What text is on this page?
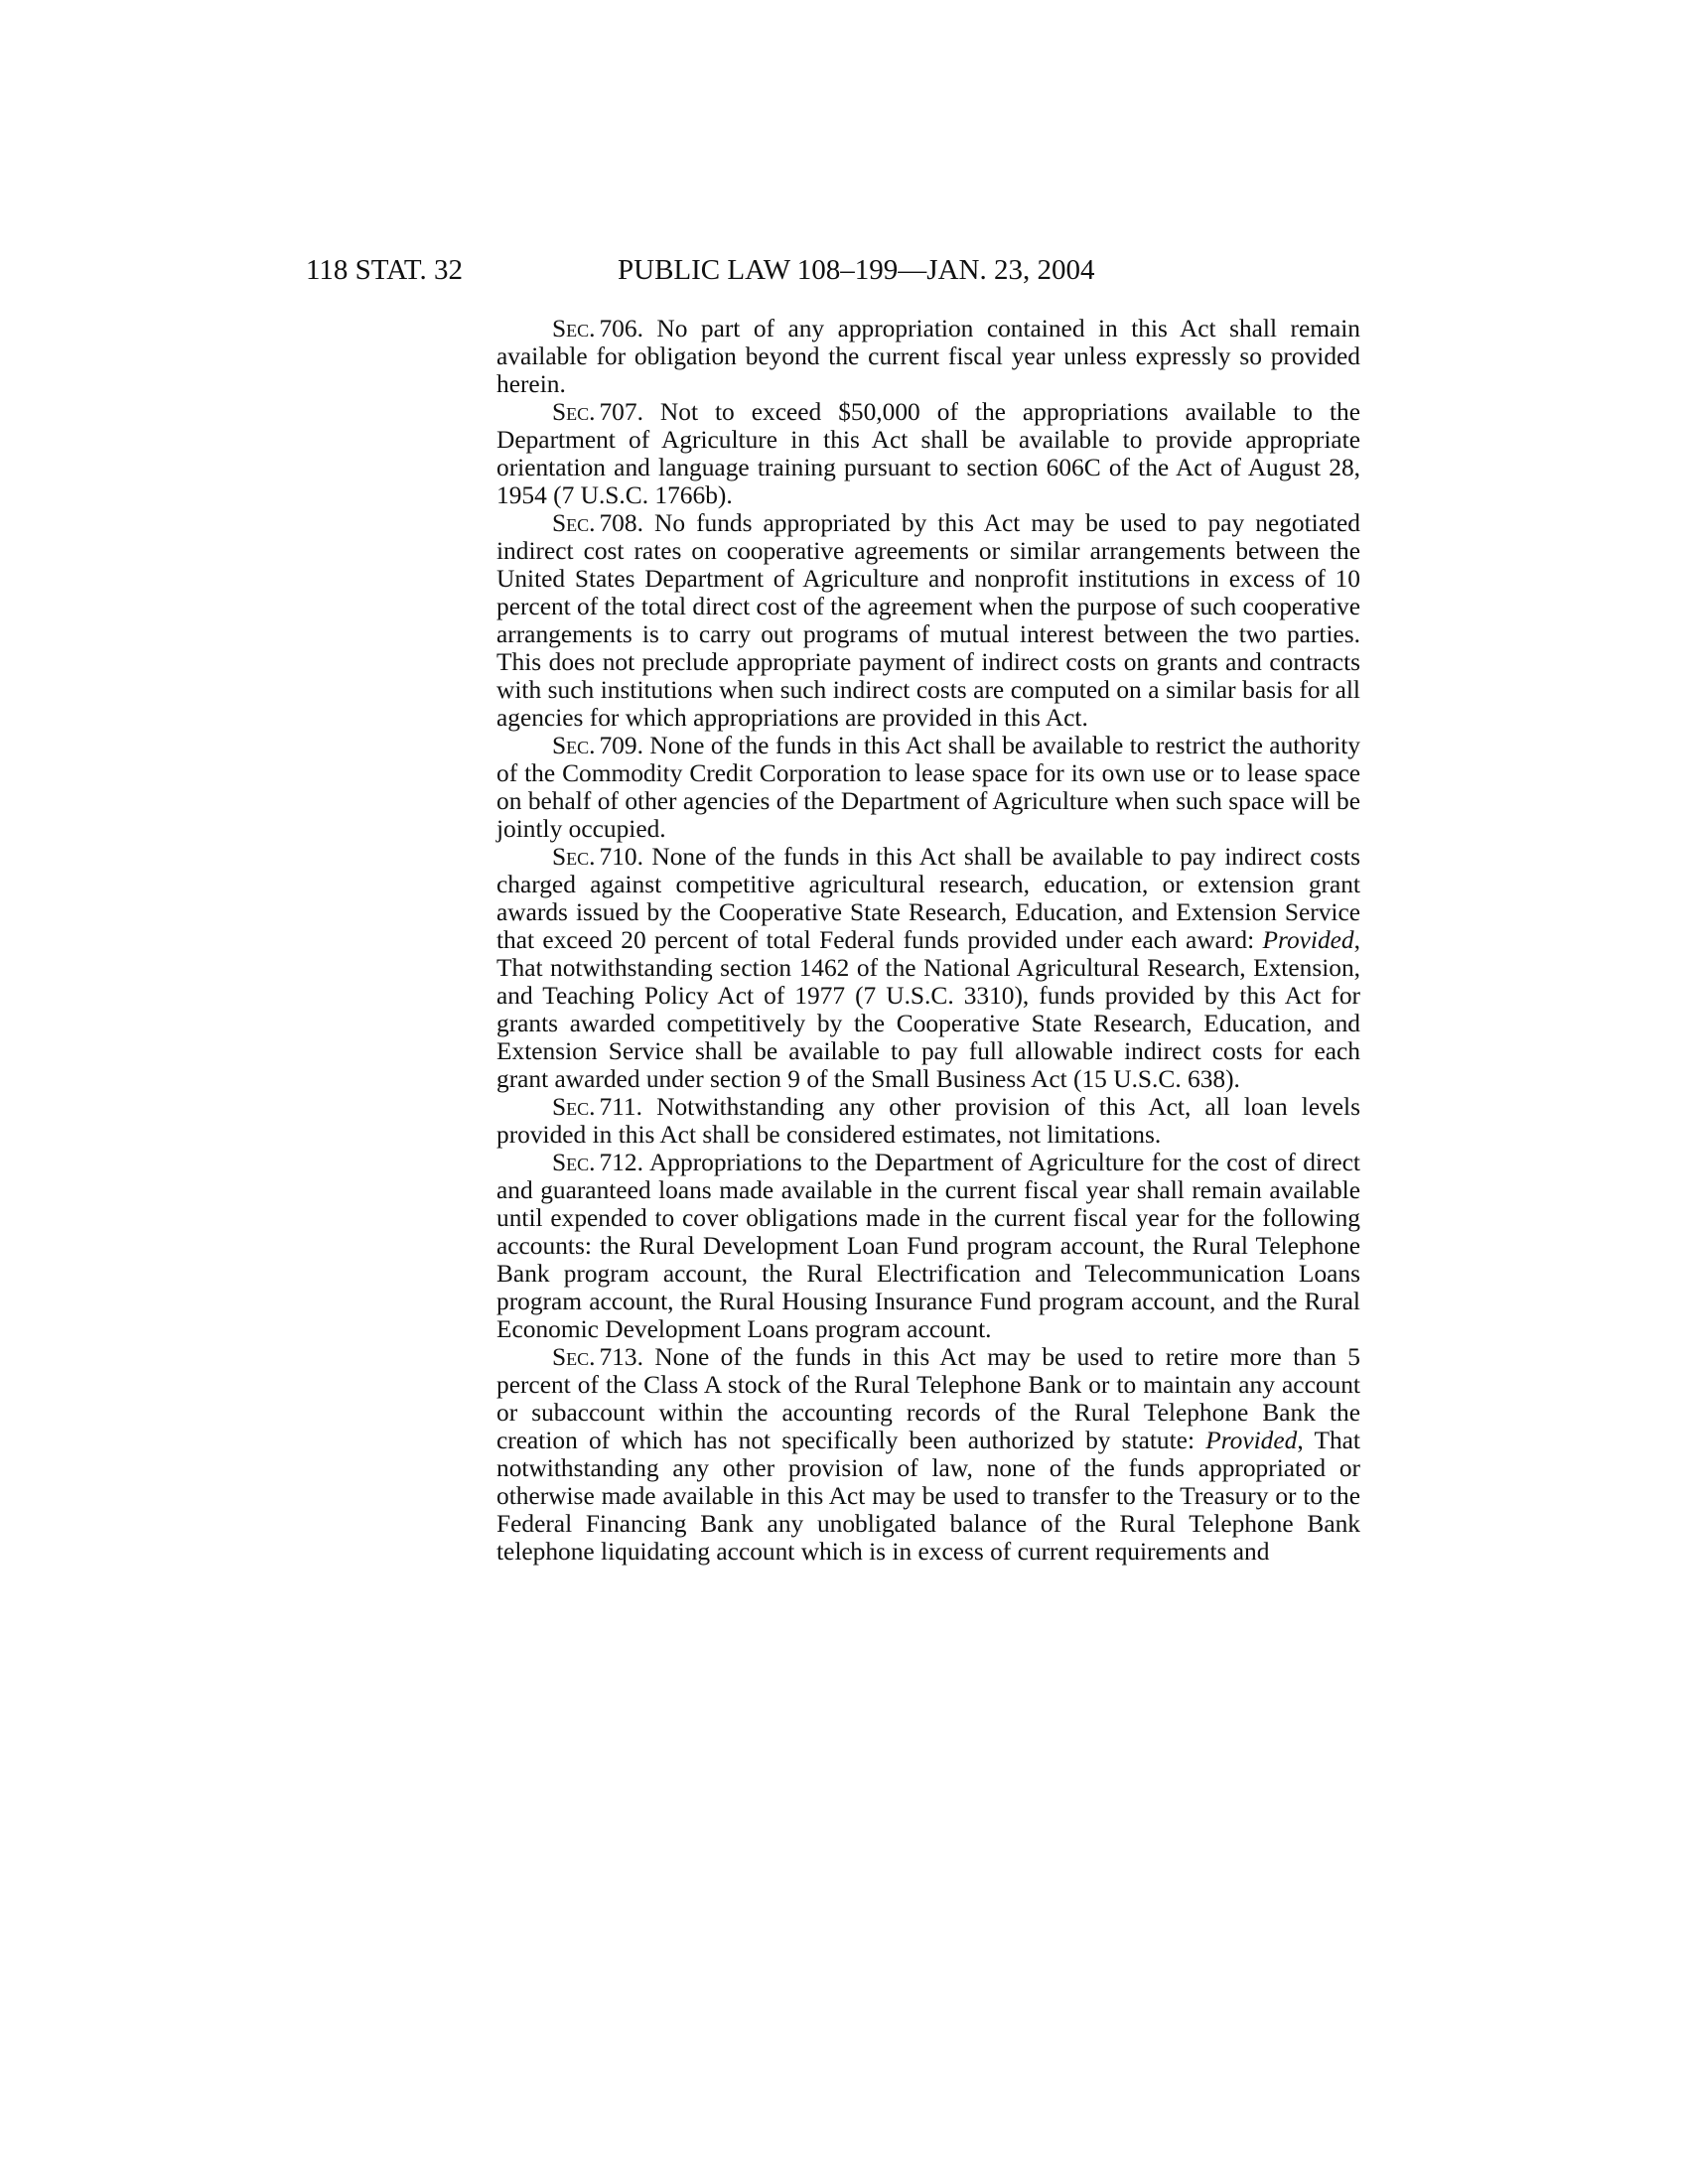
118 STAT. 32	PUBLIC LAW 108–199—JAN. 23, 2004

Sec. 706. No part of any appropriation contained in this Act shall remain available for obligation beyond the current fiscal year unless expressly so provided herein.

Sec. 707. Not to exceed $50,000 of the appropriations available to the Department of Agriculture in this Act shall be available to provide appropriate orientation and language training pursuant to section 606C of the Act of August 28, 1954 (7 U.S.C. 1766b).

Sec. 708. No funds appropriated by this Act may be used to pay negotiated indirect cost rates on cooperative agreements or similar arrangements between the United States Department of Agriculture and nonprofit institutions in excess of 10 percent of the total direct cost of the agreement when the purpose of such cooperative arrangements is to carry out programs of mutual interest between the two parties. This does not preclude appropriate payment of indirect costs on grants and contracts with such institutions when such indirect costs are computed on a similar basis for all agencies for which appropriations are provided in this Act.

Sec. 709. None of the funds in this Act shall be available to restrict the authority of the Commodity Credit Corporation to lease space for its own use or to lease space on behalf of other agencies of the Department of Agriculture when such space will be jointly occupied.

Sec. 710. None of the funds in this Act shall be available to pay indirect costs charged against competitive agricultural research, education, or extension grant awards issued by the Cooperative State Research, Education, and Extension Service that exceed 20 percent of total Federal funds provided under each award: Provided, That notwithstanding section 1462 of the National Agricultural Research, Extension, and Teaching Policy Act of 1977 (7 U.S.C. 3310), funds provided by this Act for grants awarded competitively by the Cooperative State Research, Education, and Extension Service shall be available to pay full allowable indirect costs for each grant awarded under section 9 of the Small Business Act (15 U.S.C. 638).

Sec. 711. Notwithstanding any other provision of this Act, all loan levels provided in this Act shall be considered estimates, not limitations.

Sec. 712. Appropriations to the Department of Agriculture for the cost of direct and guaranteed loans made available in the current fiscal year shall remain available until expended to cover obligations made in the current fiscal year for the following accounts: the Rural Development Loan Fund program account, the Rural Telephone Bank program account, the Rural Electrification and Telecommunication Loans program account, the Rural Housing Insurance Fund program account, and the Rural Economic Development Loans program account.

Sec. 713. None of the funds in this Act may be used to retire more than 5 percent of the Class A stock of the Rural Telephone Bank or to maintain any account or subaccount within the accounting records of the Rural Telephone Bank the creation of which has not specifically been authorized by statute: Provided, That notwithstanding any other provision of law, none of the funds appropriated or otherwise made available in this Act may be used to transfer to the Treasury or to the Federal Financing Bank any unobligated balance of the Rural Telephone Bank telephone liquidating account which is in excess of current requirements and
